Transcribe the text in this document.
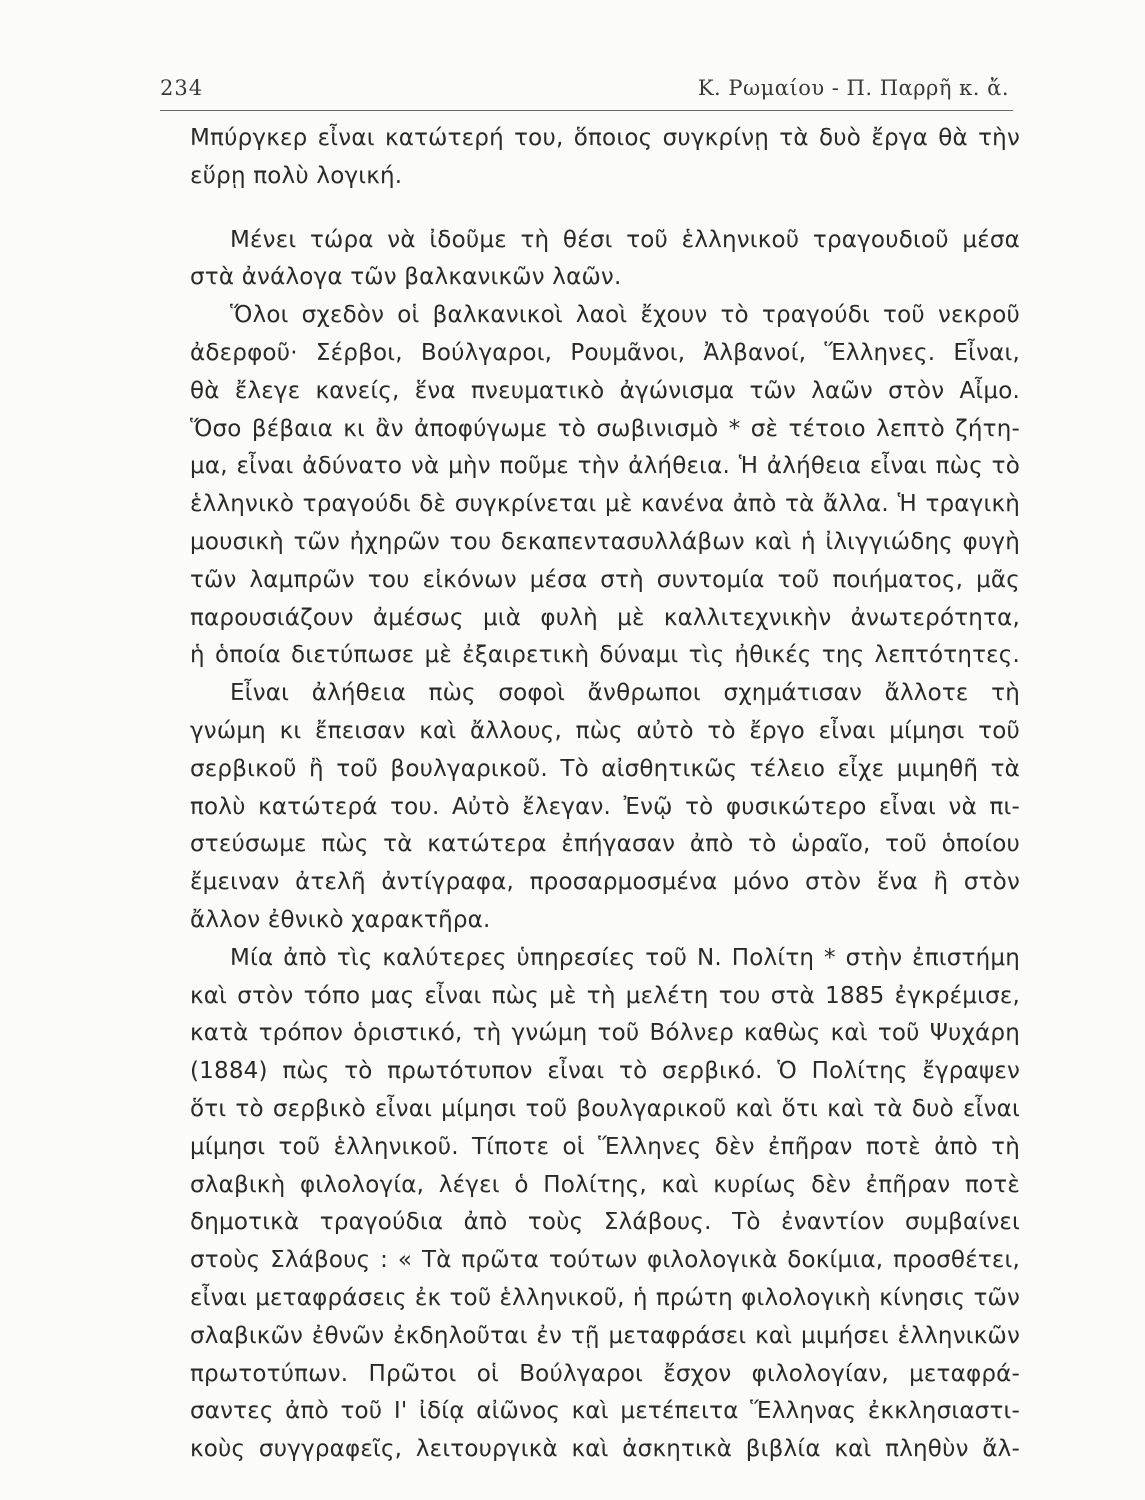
234	Κ. Ρωμαίου - Π. Παρρῆ κ. ἄ.
Μπύργκερ εἶναι κατώτερή του, ὅποιος συγκρίνῃ τὰ δυὸ ἔργα θὰ τὴν
εὕρῃ πολὺ λογική.
Μένει τώρα νὰ ἰδοῦμε τὴ θέσι τοῦ ἑλληνικοῦ τραγουδιοῦ μέσα
στὰ ἀνάλογα τῶν βαλκανικῶν λαῶν.
Ὅλοι σχεδὸν οἱ βαλκανικοὶ λαοὶ ἔχουν τὸ τραγούδι τοῦ νεκροῦ
ἀδερφοῦ· Σέρβοι, Βούλγαροι, Ρουμᾶνοι, Ἀλβανοί, Ἕλληνες. Εἶναι,
θὰ ἔλεγε κανείς, ἕνα πνευματικὸ ἀγώνισμα τῶν λαῶν στὸν Αἶμο.
Ὅσο βέβαια κι ἂν ἀποφύγωμε τὸ σωβινισμὸ * σὲ τέτοιο λεπτὸ ζήτη-
μα, εἶναι ἀδύνατο νὰ μὴν ποῦμε τὴν ἀλήθεια. Ἡ ἀλήθεια εἶναι πὼς τὸ
ἑλληνικὸ τραγούδι δὲ συγκρίνεται μὲ κανένα ἀπὸ τὰ ἄλλα. Ἡ τραγικὴ
μουσικὴ τῶν ἠχηρῶν του δεκαπεντασυλλάβων καὶ ἡ ἰλιγγιώδης φυγὴ
τῶν λαμπρῶν του εἰκόνων μέσα στὴ συντομία τοῦ ποιήματος, μᾶς
παρουσιάζουν ἀμέσως μιὰ φυλὴ μὲ καλλιτεχνικὴν ἀνωτερότητα,
ἡ ὁποία διετύπωσε μὲ ἐξαιρετικὴ δύναμι τὶς ἠθικές της λεπτότητες.
Εἶναι ἀλήθεια πὼς σοφοὶ ἄνθρωποι σχημάτισαν ἄλλοτε τὴ
γνώμη κι ἔπεισαν καὶ ἄλλους, πὼς αὐτὸ τὸ ἔργο εἶναι μίμησι τοῦ
σερβικοῦ ἢ τοῦ βουλγαρικοῦ. Τὸ αἰσθητικῶς τέλειο εἶχε μιμηθῆ τὰ
πολὺ κατώτερά του. Αὐτὸ ἔλεγαν. Ἐνῷ τὸ φυσικώτερο εἶναι νὰ πι-
στεύσωμε πὼς τὰ κατώτερα ἐπήγασαν ἀπὸ τὸ ὡραῖο, τοῦ ὁποίου
ἔμειναν ἀτελῆ ἀντίγραφα, προσαρμοσμένα μόνο στὸν ἕνα ἢ στὸν
ἄλλον ἐθνικὸ χαρακτῆρα.
Μία ἀπὸ τὶς καλύτερες ὑπηρεσίες τοῦ Ν. Πολίτη * στὴν ἐπιστήμη
καὶ στὸν τόπο μας εἶναι πὼς μὲ τὴ μελέτη του στὰ 1885 ἐγκρέμισε,
κατὰ τρόπον ὁριστικό, τὴ γνώμη τοῦ Βόλνερ καθὼς καὶ τοῦ Ψυχάρη
(1884) πὼς τὸ πρωτότυπον εἶναι τὸ σερβικό. Ὁ Πολίτης ἔγραψεν
ὅτι τὸ σερβικὸ εἶναι μίμησι τοῦ βουλγαρικοῦ καὶ ὅτι καὶ τὰ δυὸ εἶναι
μίμησι τοῦ ἑλληνικοῦ. Τίποτε οἱ Ἕλληνες δὲν ἐπῆραν ποτὲ ἀπὸ τὴ
σλαβικὴ φιλολογία, λέγει ὁ Πολίτης, καὶ κυρίως δὲν ἐπῆραν ποτὲ
δημοτικὰ τραγούδια ἀπὸ τοὺς Σλάβους. Τὸ ἐναντίον συμβαίνει
στοὺς Σλάβους : « Τὰ πρῶτα τούτων φιλολογικὰ δοκίμια, προσθέτει,
εἶναι μεταφράσεις ἐκ τοῦ ἑλληνικοῦ, ἡ πρώτη φιλολογικὴ κίνησις τῶν
σλαβικῶν ἐθνῶν ἐκδηλοῦται ἐν τῇ μεταφράσει καὶ μιμήσει ἑλληνικῶν
πρωτοτύπων. Πρῶτοι οἱ Βούλγαροι ἔσχον φιλολογίαν, μεταφρά-
σαντες ἀπὸ τοῦ Ι' ἰδίᾳ αἰῶνος καὶ μετέπειτα Ἕλληνας ἐκκλησιαστι-
κοὺς συγγραφεῖς, λειτουργικὰ καὶ ἀσκητικὰ βιβλία καὶ πληθὺν ἄλ-
